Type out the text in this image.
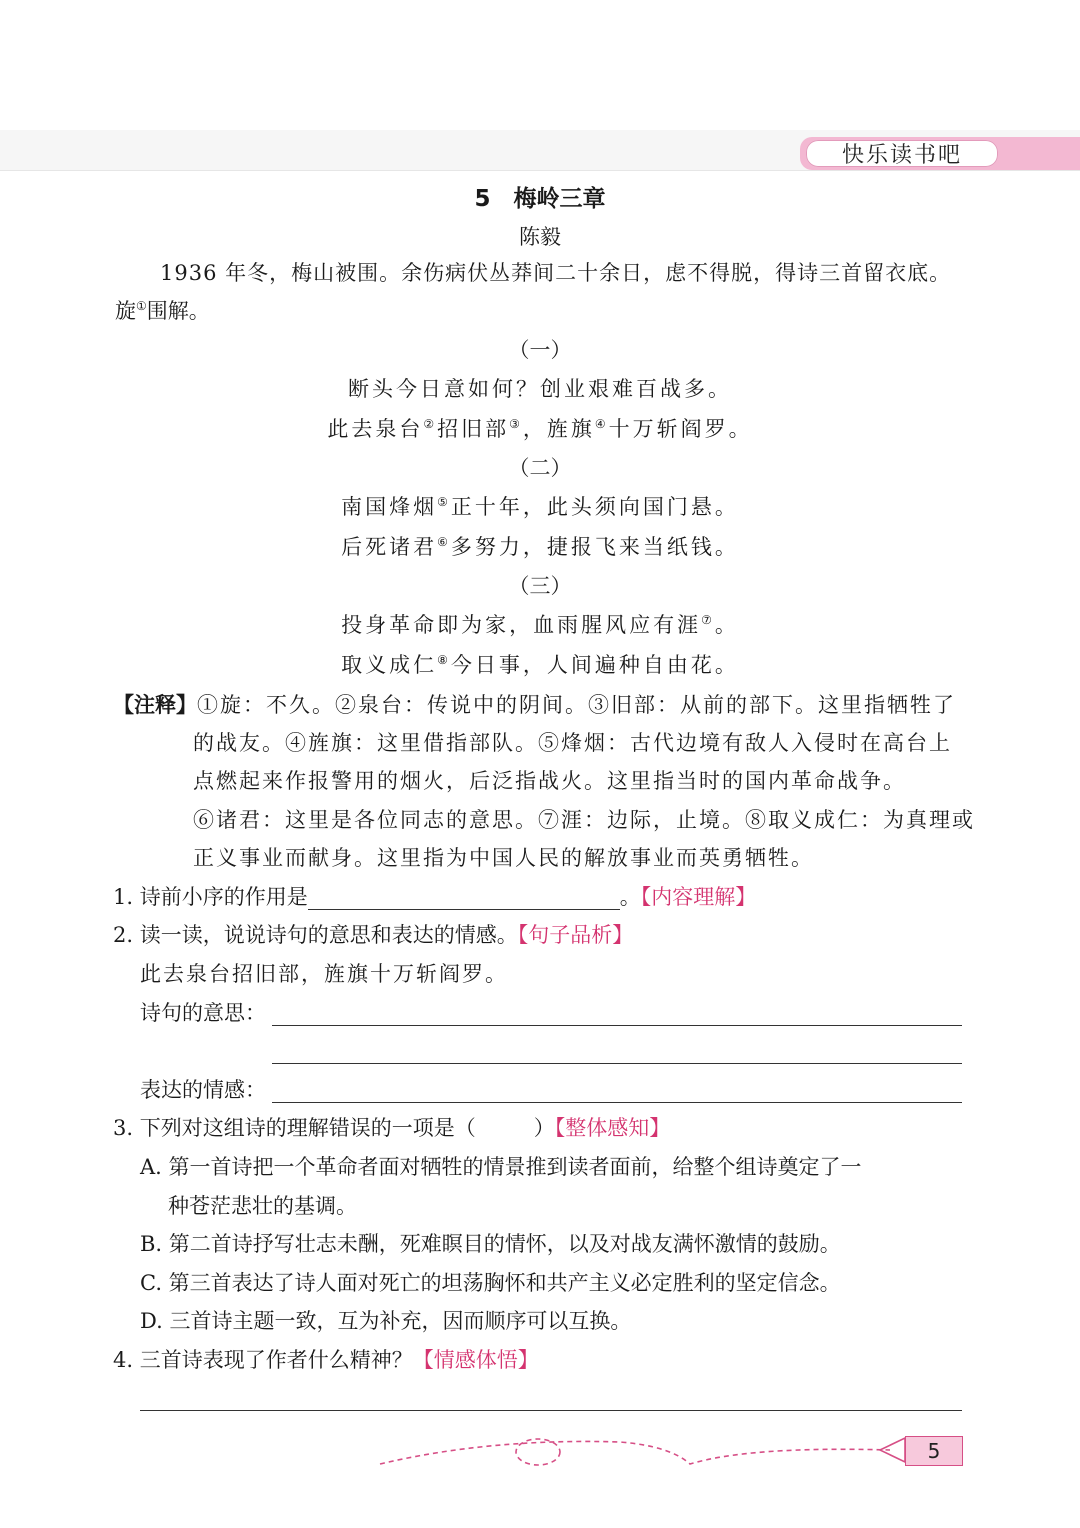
快乐读书吧
5　梅岭三章
陈毅
1936 年冬，梅山被围。余伤病伏丛莽间二十余日，虑不得脱，得诗三首留衣底。
旋①围解。
（一）
断头今日意如何？创业艰难百战多。
此去泉台②招旧部③，旌旗④十万斩阎罗。
（二）
南国烽烟⑤正十年，此头须向国门悬。
后死诸君⑥多努力，捷报飞来当纸钱。
（三）
投身革命即为家，血雨腥风应有涯⑦。
取义成仁⑧今日事，人间遍种自由花。
【注释】①旋：不久。②泉台：传说中的阴间。③旧部：从前的部下。这里指牺牲了
的战友。④旌旗：这里借指部队。⑤烽烟：古代边境有敌人入侵时在高台上
点燃起来作报警用的烟火，后泛指战火。这里指当时的国内革命战争。
⑥诸君：这里是各位同志的意思。⑦涯：边际，止境。⑧取义成仁：为真理或
正义事业而献身。这里指为中国人民的解放事业而英勇牺牲。
1. 诗前小序的作用是	。【内容理解】
2. 读一读，说说诗句的意思和表达的情感。【句子品析】
此去泉台招旧部，旌旗十万斩阎罗。
诗句的意思：
表达的情感：
3. 下列对这组诗的理解错误的一项是（	）【整体感知】
A. 第一首诗把一个革命者面对牺牲的情景推到读者面前，给整个组诗奠定了一
种苍茫悲壮的基调。
B. 第二首诗抒写壮志未酬，死难瞑目的情怀，以及对战友满怀激情的鼓励。
C. 第三首表达了诗人面对死亡的坦荡胸怀和共产主义必定胜利的坚定信念。
D. 三首诗主题一致，互为补充，因而顺序可以互换。
4. 三首诗表现了作者什么精神？【情感体悟】
5
